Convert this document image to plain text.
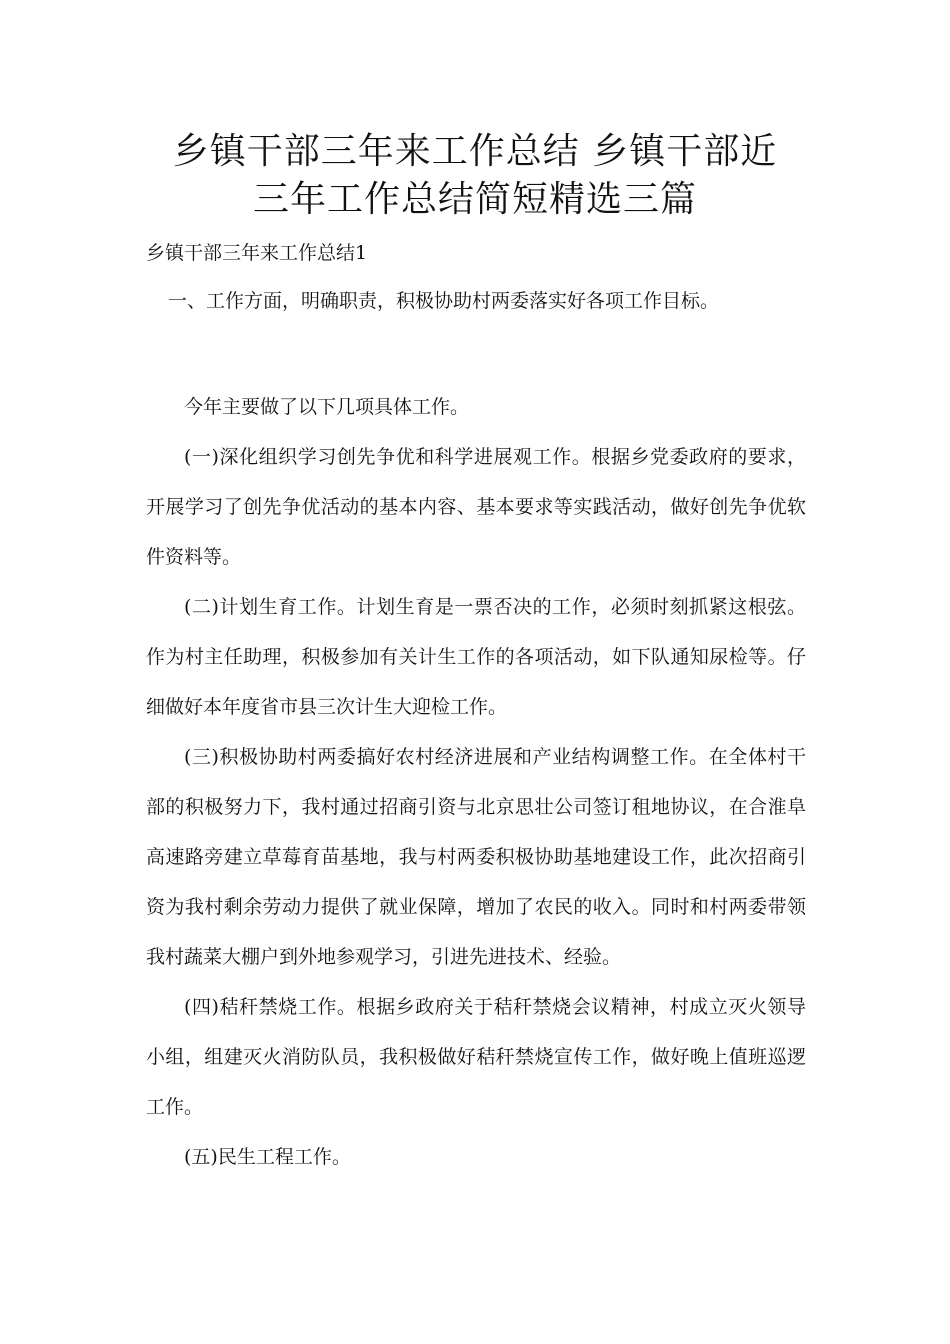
乡镇干部三年来工作总结 乡镇干部近
三年工作总结简短精选三篇

乡镇干部三年来工作总结1

一、工作方面，明确职责，积极协助村两委落实好各项工作目标。

今年主要做了以下几项具体工作。

(一)深化组织学习创先争优和科学进展观工作。根据乡党委政府的要求，开展学习了创先争优活动的基本内容、基本要求等实践活动，做好创先争优软件资料等。

(二)计划生育工作。计划生育是一票否决的工作，必须时刻抓紧这根弦。作为村主任助理，积极参加有关计生工作的各项活动，如下队通知尿检等。仔细做好本年度省市县三次计生大迎检工作。

(三)积极协助村两委搞好农村经济进展和产业结构调整工作。在全体村干部的积极努力下，我村通过招商引资与北京思壮公司签订租地协议，在合淮阜高速路旁建立草莓育苗基地，我与村两委积极协助基地建设工作，此次招商引资为我村剩余劳动力提供了就业保障，增加了农民的收入。同时和村两委带领我村蔬菜大棚户到外地参观学习，引进先进技术、经验。

(四)秸秆禁烧工作。根据乡政府关于秸秆禁烧会议精神，村成立灭火领导小组，组建灭火消防队员，我积极做好秸秆禁烧宣传工作，做好晚上值班巡逻工作。

(五)民生工程工作。
